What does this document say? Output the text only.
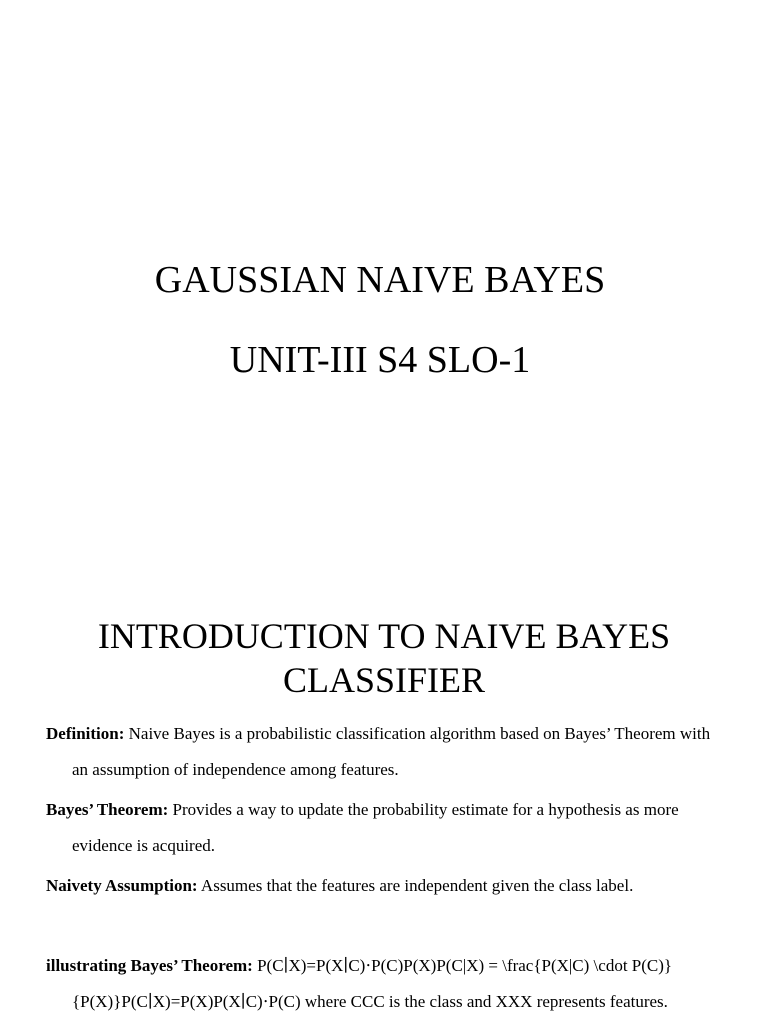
GAUSSIAN NAIVE BAYES
UNIT-III S4 SLO-1
INTRODUCTION TO NAIVE BAYES CLASSIFIER

Definition: Naive Bayes is a probabilistic classification algorithm based on Bayes’ Theorem with an assumption of independence among features.

Bayes’ Theorem: Provides a way to update the probability estimate for a hypothesis as more evidence is acquired.

Naivety Assumption: Assumes that the features are independent given the class label.

illustrating Bayes’ Theorem: P(C∣X)=P(X∣C)⋅P(C)P(X)P(C|X) = \frac{P(X|C) \cdot P(C)}{P(X)}P(C∣X)=P(X)P(X∣C)⋅P(C) where CCC is the class and XXX represents features.
